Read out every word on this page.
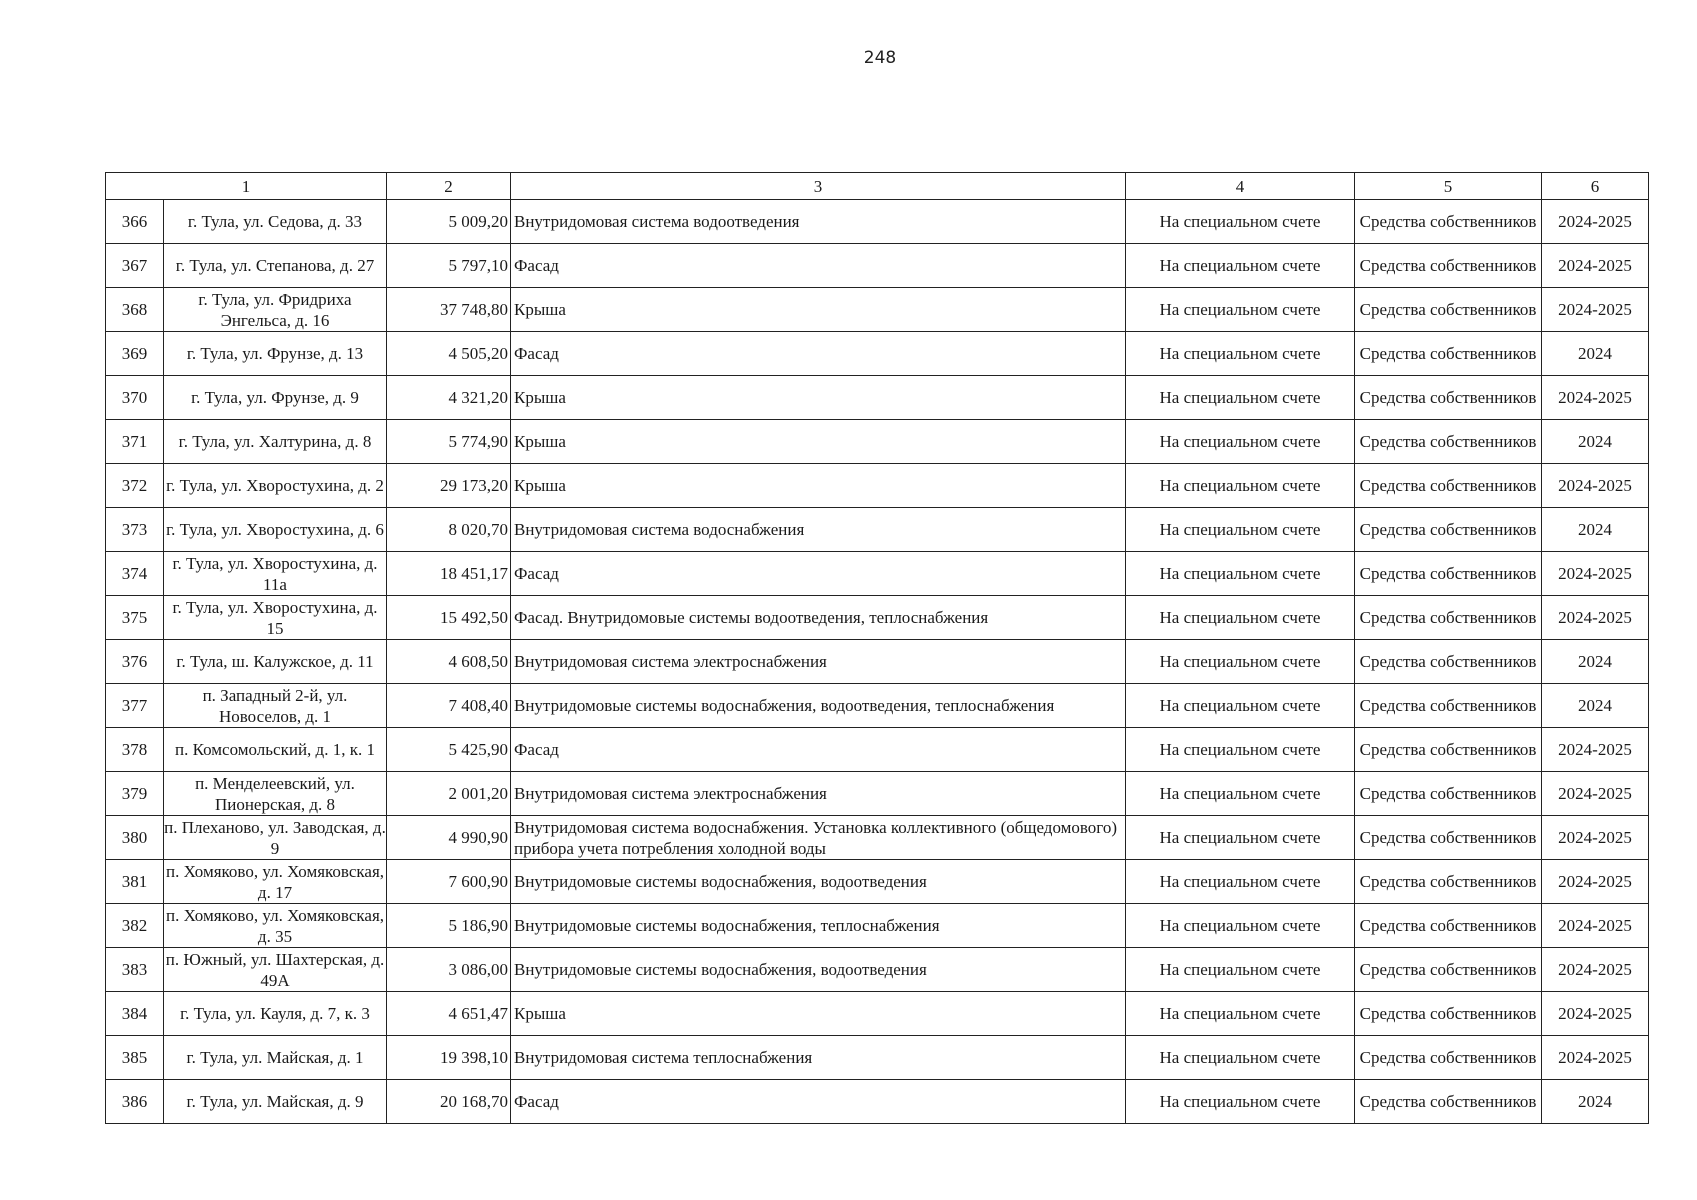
248
1		2	3	4	5	6
366	г. Тула, ул. Седова, д. 33	5 009,20	Внутридомовая система водоотведения	На специальном счете	Средства собственников	2024-2025
367	г. Тула, ул. Степанова, д. 27	5 797,10	Фасад	На специальном счете	Средства собственников	2024-2025
368	г. Тула, ул. Фридриха Энгельса, д. 16	37 748,80	Крыша	На специальном счете	Средства собственников	2024-2025
369	г. Тула, ул. Фрунзе, д. 13	4 505,20	Фасад	На специальном счете	Средства собственников	2024
370	г. Тула, ул. Фрунзе, д. 9	4 321,20	Крыша	На специальном счете	Средства собственников	2024-2025
371	г. Тула, ул. Халтурина, д. 8	5 774,90	Крыша	На специальном счете	Средства собственников	2024
372	г. Тула, ул. Хворостухина, д. 2	29 173,20	Крыша	На специальном счете	Средства собственников	2024-2025
373	г. Тула, ул. Хворостухина, д. 6	8 020,70	Внутридомовая система водоснабжения	На специальном счете	Средства собственников	2024
374	г. Тула, ул. Хворостухина, д. 11а	18 451,17	Фасад	На специальном счете	Средства собственников	2024-2025
375	г. Тула, ул. Хворостухина, д. 15	15 492,50	Фасад. Внутридомовые системы водоотведения, теплоснабжения	На специальном счете	Средства собственников	2024-2025
376	г. Тула, ш. Калужское, д. 11	4 608,50	Внутридомовая система электроснабжения	На специальном счете	Средства собственников	2024
377	п. Западный 2-й, ул. Новоселов, д. 1	7 408,40	Внутридомовые системы водоснабжения, водоотведения, теплоснабжения	На специальном счете	Средства собственников	2024
378	п. Комсомольский, д. 1, к. 1	5 425,90	Фасад	На специальном счете	Средства собственников	2024-2025
379	п. Менделеевский, ул. Пионерская, д. 8	2 001,20	Внутридомовая система электроснабжения	На специальном счете	Средства собственников	2024-2025
380	п. Плеханово, ул. Заводская, д. 9	4 990,90	Внутридомовая система водоснабжения. Установка коллективного (общедомового) прибора учета потребления холодной воды	На специальном счете	Средства собственников	2024-2025
381	п. Хомяково, ул. Хомяковская, д. 17	7 600,90	Внутридомовые системы водоснабжения, водоотведения	На специальном счете	Средства собственников	2024-2025
382	п. Хомяково, ул. Хомяковская, д. 35	5 186,90	Внутридомовые системы водоснабжения, теплоснабжения	На специальном счете	Средства собственников	2024-2025
383	п. Южный, ул. Шахтерская, д. 49А	3 086,00	Внутридомовые системы водоснабжения, водоотведения	На специальном счете	Средства собственников	2024-2025
384	г. Тула, ул. Кауля, д. 7, к. 3	4 651,47	Крыша	На специальном счете	Средства собственников	2024-2025
385	г. Тула, ул. Майская, д. 1	19 398,10	Внутридомовая система теплоснабжения	На специальном счете	Средства собственников	2024-2025
386	г. Тула, ул. Майская, д. 9	20 168,70	Фасад	На специальном счете	Средства собственников	2024
